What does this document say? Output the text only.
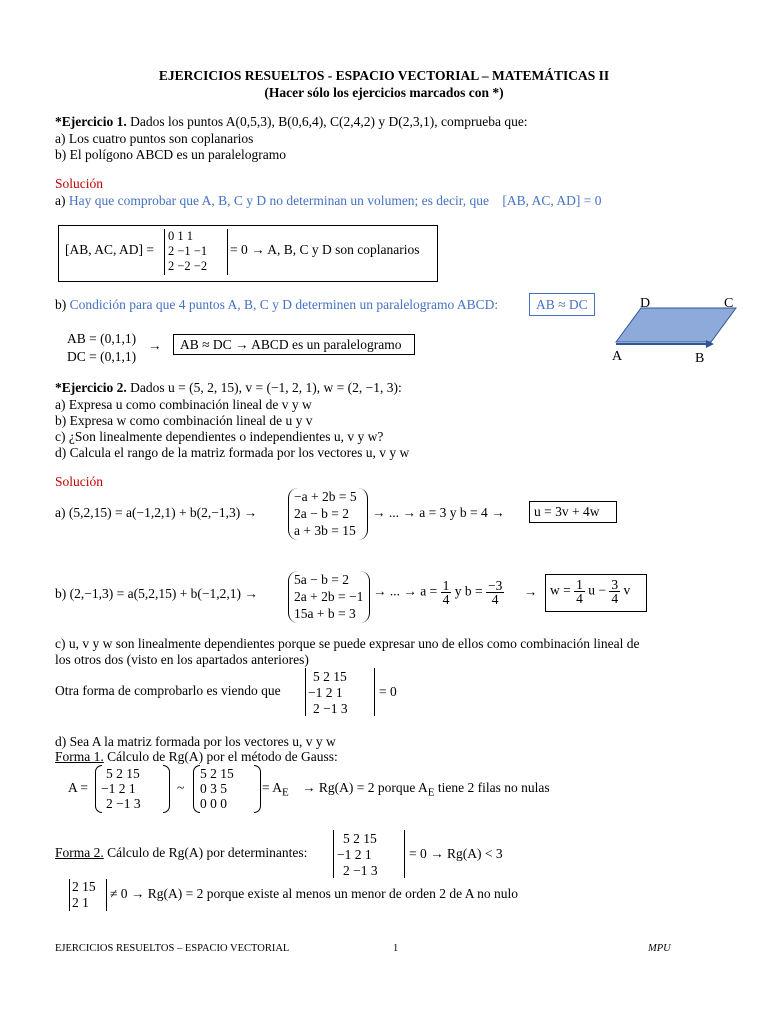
EJERCICIOS RESUELTOS - ESPACIO VECTORIAL – MATEMÁTICAS II
(Hacer sólo los ejercicios marcados con *)
*Ejercicio 1. Dados los puntos A(0,5,3), B(0,6,4), C(2,4,2) y D(2,3,1), comprueba que:
a) Los cuatro puntos son coplanarios
b) El polígono ABCD es un paralelogramo
Solución
a) Hay que comprobar que A, B, C y D no determinan un volumen; es decir, que [AB, AC, AD] = 0
[AB, AC, AD] =
0 1 1
2 −1 −1
2 −2 −2
= 0 → A, B, C y D son coplanarios
b) Condición para que 4 puntos A, B, C y D determinen un paralelogramo ABCD:	AB ≈ DC	D	C
A	B
AB = (0,1,1)
DC = (0,1,1)
→ AB ≈ DC → ABCD es un paralelogramo
*Ejercicio 2. Dados u = (5, 2, 15), v = (−1, 2, 1), w = (2, −1, 3):
a) Expresa u como combinación lineal de v y w
b) Expresa w como combinación lineal de u y v
c) ¿Son linealmente dependientes o independientes u, v y w?
d) Calcula el rango de la matriz formada por los vectores u, v y w
Solución
a) (5,2,15) = a(−1,2,1) + b(2,−1,3) →
−a + 2b = 5
2a − b = 2
a + 3b = 15
→ ... → a = 3 y b = 4 → u = 3v + 4w
b) (2,−1,3) = a(5,2,15) + b(−1,2,1) →
5a − b = 2
2a + 2b = −1
15a + b = 3
→ ... → $a = \frac{1}{4}$ y $b = \frac{-3}{4} \to w = \frac{1}{4}$ $u - \frac{3}{4}$ v
c) u, v y w son linealmente dependientes porque se puede expresar uno de ellos como combinación lineal de
los otros dos (visto en los apartados anteriores)
Otra forma de comprobarlo es viendo que
5 2 15
−1 2 1
2 −1 3
= 0
d) Sea A la matriz formada por los vectores u, v y w
Forma 1. Cálculo de Rg(A) por el método de Gauss:
A =
5 2 15
−1 2 1
2 −1 3
~
5 2 15
0 3 5
0 0 0
= $A_E \to Rg(A) = 2$ porque $A_E$ tiene 2 filas no nulas
Forma 2. Cálculo de Rg(A) por determinantes:
5 2 15
−1 2 1
2 −1 3
= 0 → Rg(A) < 3
2 15
2 1
≠ 0 → Rg(A) = 2 porque existe al menos un menor de orden 2 de A no nulo
EJERCICIOS RESUELTOS – ESPACIO VECTORIAL	1	MPU
